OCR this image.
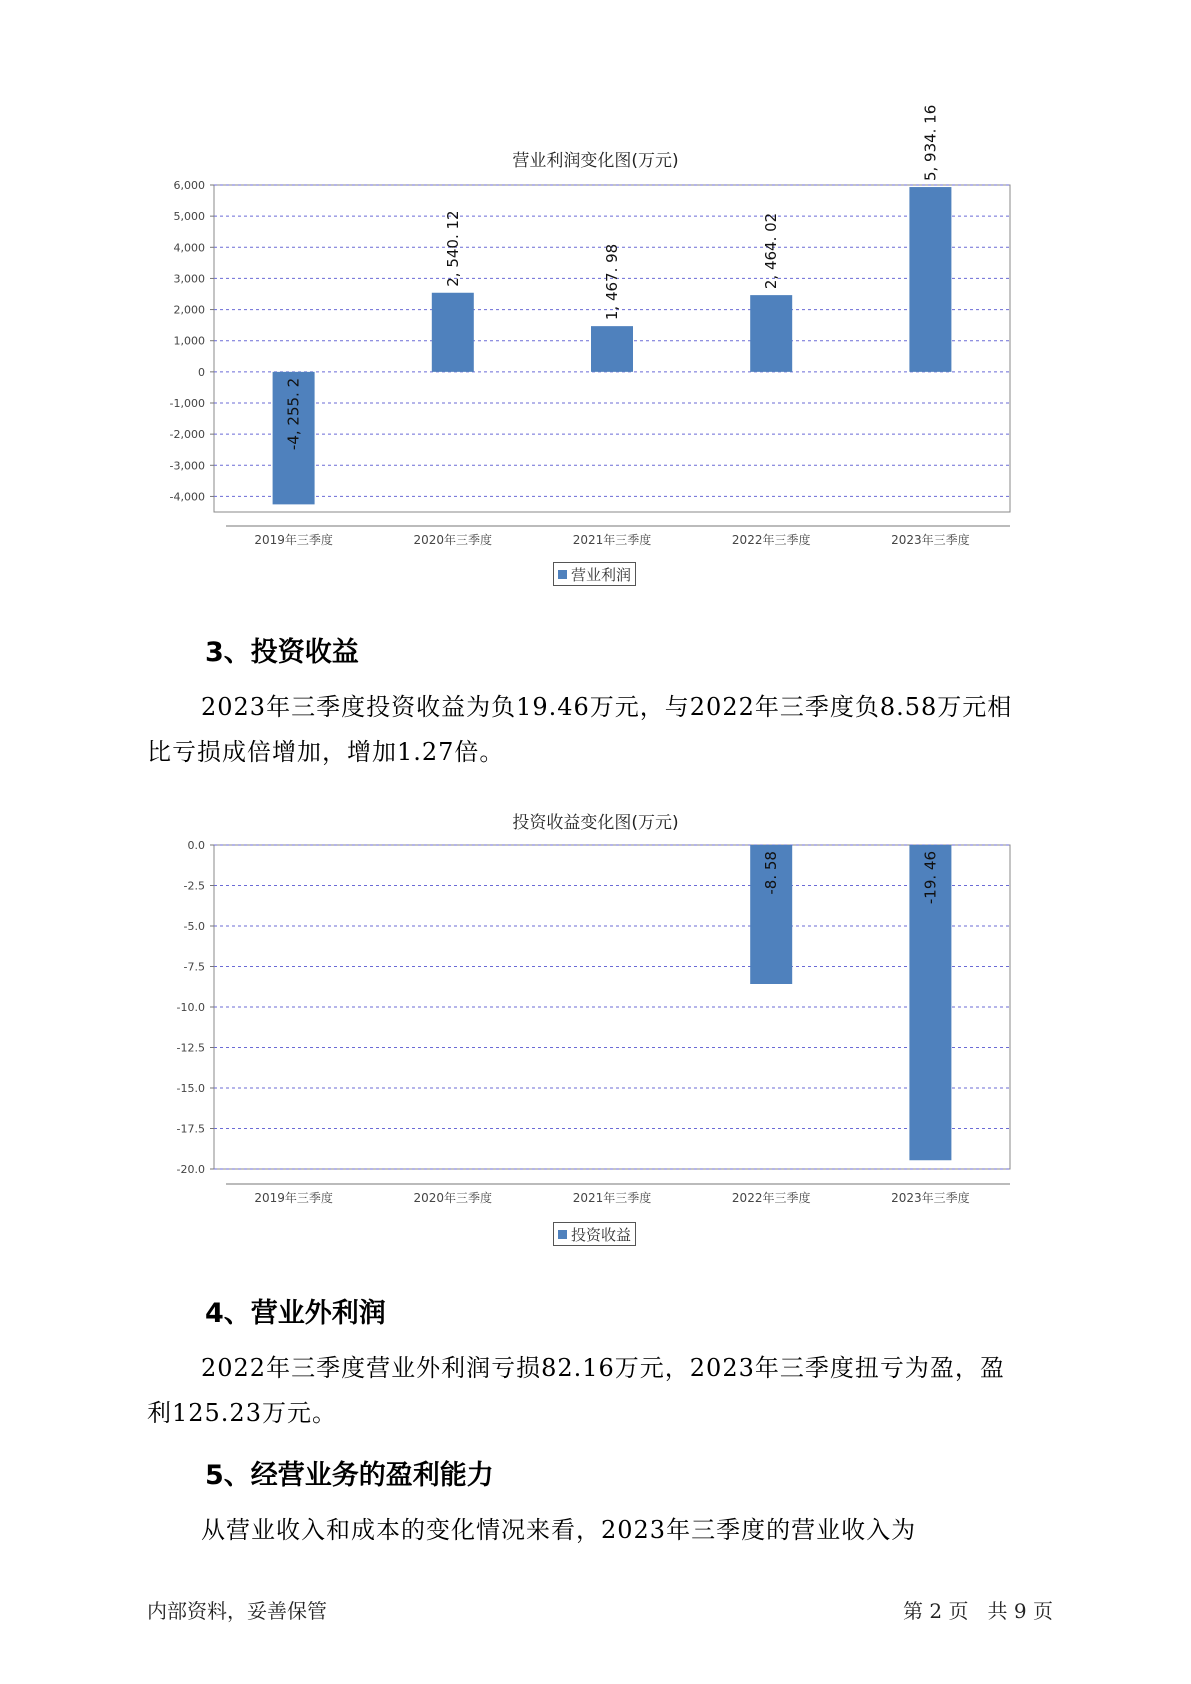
营业利润变化图(万元)
6,000
5,000
4,000
3,000
2,000
1,000
0
-1,000
-2,000
-3,000
-4,000
-4, 255. 2
2019年三季度
2, 540. 12
2020年三季度
1, 467. 98
2021年三季度
2, 464. 02
2022年三季度
5, 934. 16
2023年三季度
营业利润
3、投资收益
2023年三季度投资收益为负19.46万元，与2022年三季度负8.58万元相
比亏损成倍增加，增加1.27倍。
投资收益变化图(万元)
0.0
-2.5
-5.0
-7.5
-10.0
-12.5
-15.0
-17.5
-20.0
2019年三季度	2020年三季度	2021年三季度
-8. 58
2022年三季度
-19. 46
2023年三季度
投资收益
4、营业外利润
2022年三季度营业外利润亏损82.16万元，2023年三季度扭亏为盈，盈
利125.23万元。
5、经营业务的盈利能力
从营业收入和成本的变化情况来看，2023年三季度的营业收入为
内部资料，妥善保管	第 2 页   共 9 页
